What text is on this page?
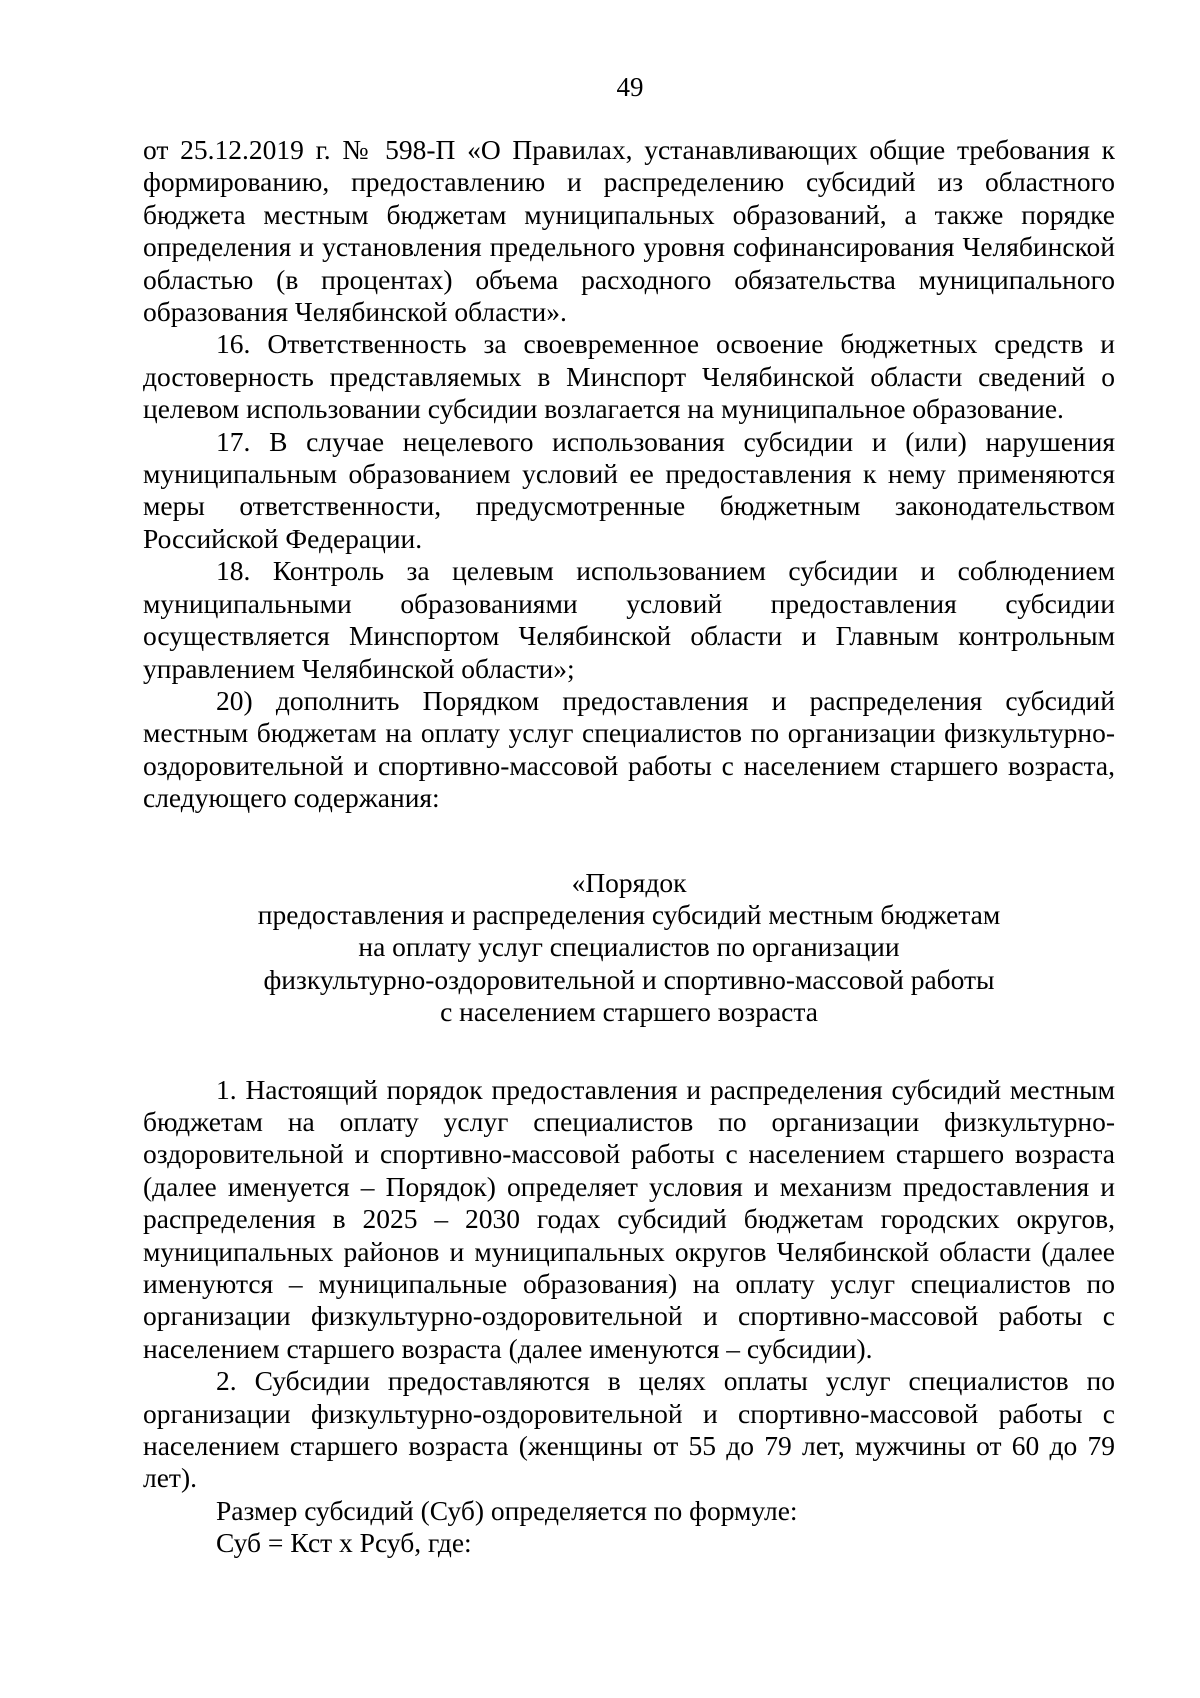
49

от 25.12.2019 г. № 598-П «О Правилах, устанавливающих общие требования к формированию, предоставлению и распределению субсидий из областного бюджета местным бюджетам муниципальных образований, а также порядке определения и установления предельного уровня софинансирования Челябинской областью (в процентах) объема расходного обязательства муниципального образования Челябинской области».

16. Ответственность за своевременное освоение бюджетных средств и достоверность представляемых в Минспорт Челябинской области сведений о целевом использовании субсидии возлагается на муниципальное образование.

17. В случае нецелевого использования субсидии и (или) нарушения муниципальным образованием условий ее предоставления к нему применяются меры ответственности, предусмотренные бюджетным законодательством Российской Федерации.

18. Контроль за целевым использованием субсидии и соблюдением муниципальными образованиями условий предоставления субсидии осуществляется Минспортом Челябинской области и Главным контрольным управлением Челябинской области»;

20) дополнить Порядком предоставления и распределения субсидий местным бюджетам на оплату услуг специалистов по организации физкультурно-оздоровительной и спортивно-массовой работы с населением старшего возраста, следующего содержания:

«Порядок
предоставления и распределения субсидий местным бюджетам
на оплату услуг специалистов по организации
физкультурно-оздоровительной и спортивно-массовой работы
с населением старшего возраста

1. Настоящий порядок предоставления и распределения субсидий местным бюджетам на оплату услуг специалистов по организации физкультурно-оздоровительной и спортивно-массовой работы с населением старшего возраста (далее именуется – Порядок) определяет условия и механизм предоставления и распределения в 2025 – 2030 годах субсидий бюджетам городских округов, муниципальных районов и муниципальных округов Челябинской области (далее именуются – муниципальные образования) на оплату услуг специалистов по организации физкультурно-оздоровительной и спортивно-массовой работы с населением старшего возраста (далее именуются – субсидии).

2. Субсидии предоставляются в целях оплаты услуг специалистов по организации физкультурно-оздоровительной и спортивно-массовой работы с населением старшего возраста (женщины от 55 до 79 лет, мужчины от 60 до 79 лет).

Размер субсидий (Суб) определяется по формуле:

Суб = Кст x Рсуб, где:
